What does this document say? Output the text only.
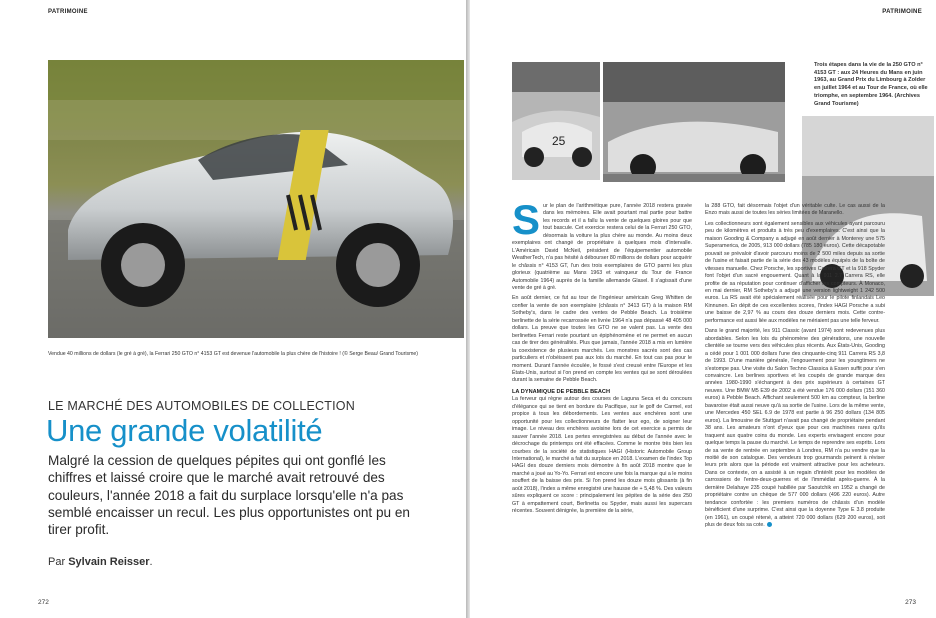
PATRIMOINE
Vendue 40 millions de dollars (le gré à gré), la Ferrari 250 GTO n° 4153 GT est devenue l'automobile la plus chère de l'histoire ! (© Serge Beau/ Grand Tourisme)
LE MARCHÉ DES AUTOMOBILES DE COLLECTION
Une grande volatilité
Malgré la cession de quelques pépites qui ont gonflé les chiffres et laissé croire que le marché avait retrouvé des couleurs, l'année 2018 a fait du surplace lorsqu'elle n'a pas semblé encaisser un recul. Les plus opportunistes ont pu en tirer profit.
Par Sylvain Reisser.
272
PATRIMOINE
25
Trois étapes dans la vie de la 250 GTO n° 4153 GT : aux 24 Heures du Mans en juin 1963, au Grand Prix du Limbourg à Zolder en juillet 1964 et au Tour de France, où elle triomphe, en septembre 1964. (Archives Grand Tourisme)
S ur le plan de l'arithmétique pure, l'année 2018 restera gravée dans les mémoires. Elle avait pourtant mal partie pour battre les records et il a fallu la vente de quelques gloires pour que tout bascule. Cet exercice restera celui de la Ferrari 250 GTO, désormais la voiture la plus chère au monde. Au moins deux exemplaires ont changé de propriétaire à quelques mois d'intervalle. L'Américain David McNeil, président de l'équipementier automobile WeatherTech, n'a pas hésité à débourser 80 millions de dollars pour acquérir le châssis n° 4153 GT, l'un des trois exemplaires de GTO parmi les plus glorieux (quatrième au Mans 1963 et vainqueur du Tour de France Automobile 1964) auprès de la famille allemande Glasel. Il s'agissait d'une vente de gré à gré.

En août dernier, ce fut au tour de l'ingénieur américain Greg Whitten de confier la vente de son exemplaire (châssis n° 3413 GT) à la maison RM Sotheby's, dans le cadre des ventes de Pebble Beach. La troisième berlinette de la série recarrossée en livrée 1964 n'a pas dépassé 48 405 000 dollars. La preuve que toutes les GTO ne se valent pas. La vente des berlinettes Ferrari reste pourtant un épiphénomène et ne permet en aucun cas de tirer des généralités. Plus que jamais, l'année 2018 a mis en lumière la coexistence de plusieurs marchés. Les monstres sacrés sont des cas particuliers et n'obéissent pas aux lois du marché. En tout cas pas pour le moment. Durant l'année écoulée, le fossé s'est creusé entre l'Europe et les États-Unis, surtout si l'on prend en compte les ventes qui se sont déroulées durant la semaine de Pebble Beach.

LA DYNAMIQUE DE PEBBLE BEACH

La ferveur qui règne autour des courses de Laguna Seca et du concours d'élégance qui se tient en bordure du Pacifique, sur le golf de Carmel, est propice à tous les débordements. Les ventes aux enchères sont une opportunité pour les collectionneurs de flatter leur ego, de soigner leur image. Le niveau des enchères avoisine lors de cet exercice a permis de sauver l'année 2018. Les pertes enregistrées au début de l'année avec le décrochage du printemps ont été effacées. Comme le montre très bien les courbes de la société de statistiques HAGI (Historic Automobile Group International), le marché a fait du surplace en 2018. L'examen de l'index Top HAGI des douze derniers mois démontre à fin août 2018 montre que le marché a joué au Yo-Yo. Ferrari est encore une fois la marque qui a le moins souffert de la baisse des prix. Si l'on prend les douze mois glissants (à fin août 2018), l'index a même enregistré une hausse de + 5,48 %. Des valeurs sûres expliquent ce score : principalement les pépites de la série des 250 GT à empattement court, Berlinetta ou Spyder, mais aussi les supercars récentes. Souvent dénigrée, la première de la série,

la 288 GTO, fait désormais l'objet d'un véritable culte. Le cas aussi de la Enzo mais aussi de toutes les séries limitées de Maranello.

Les collectionneurs sont également sensibles aux véhicules ayant parcouru peu de kilomètres et produits à très peu d'exemplaires. C'est ainsi que la maison Gooding & Company a adjugé en août dernier à Monterey une 575 Superamerica, de 2005, 913 000 dollars (785 180 euros). Cette décapotable pouvait se prévaloir d'avoir parcouru moins de 2 500 miles depuis sa sortie de l'usine et faisait partie de la série des 43 modèles équipés de la boîte de vitesses manuelle. Chez Porsche, les sportives Carrera GT et la 918 Spyder font l'objet d'un sacré engouement. Quant à la 911 2.7 Carrera RS, elle profite de sa réputation pour continuer d'afficher les compteurs. À Monaco, en mai dernier, RM Sotheby's a adjugé une version lightweight 1 242 500 euros. La RS avait été spécialement réalisée pour le pilote finlandais Leo Kinnunen. En dépit de ces excellentes scores, l'index HAGI Porsche a subi une baisse de 2,97 % au cours des douze derniers mois. Cette contre-performance est aussi liée aux modèles ne mériaient pas une telle ferveur.

Dans le grand majorité, les 911 Classic (avant 1974) sont redevenues plus abordables. Selon les lois du phénomène des générations, une nouvelle clientèle se tourne vers des véhicules plus récents. Aux États-Unis, Gooding a cédé pour 1 001 000 dollars l'une des cinquante-cinq 911 Carrera RS 3,8 de 1993. D'une manière générale, l'engouement pour les youngtimers ne s'estompe pas. Une visite du Salon Techno Classica à Essen suffit pour s'en convaincre. Les berlines sportives et les coupés de grande marque des années 1980-1990 s'échangent à des prix supérieurs à certaines GT neuves. Une BMW M5 E39 de 2002 a été vendue 176 000 dollars (151 360 euros) à Pebble Beach. Affichant seulement 500 km au compteur, la berline bavaroise était aussi neuve qu'à sa sortie de l'usine. Lors de la même vente, une Mercedes 450 SEL 6.9 de 1978 est partie à 96 250 dollars (134 805 euros). La limousine de Stuttgart n'avait pas changé de propriétaire pendant 38 ans. Les amateurs n'ont d'yeux que pour ces machines rares qu'ils traquent aux quatre coins du monde. Les experts envisagent encore pour quelque temps la pause du marché. Le temps de reprendre ses esprits. Lors de sa vente de rentrée en septembre à Londres, RM n'a pu vendre que la moitié de son catalogue. Des vendeurs trop gourmands peinent à réviser leurs prix alors que la période est vraiment attractive pour les acheteurs. Dans ce contexte, on a assisté à un regain d'intérêt pour les modèles de carrossiers de l'entre-deux-guerres et de l'immédiat après-guerre. À la dernière Delahaye 235 coupé habillée par Saoutchik en 1952 a changé de propriétaire contre un chèque de 577 000 dollars (496 220 euros). Autre tendance confortée : les premiers numéros de châssis d'un modèle bénéficient d'une surprime. C'est ainsi que la doyenne Type E 3.8 produite (en 1961), un coupé rétené, a atteint 720 000 dollars (629 200 euros), soit plus de deux fois sa cote.

273
